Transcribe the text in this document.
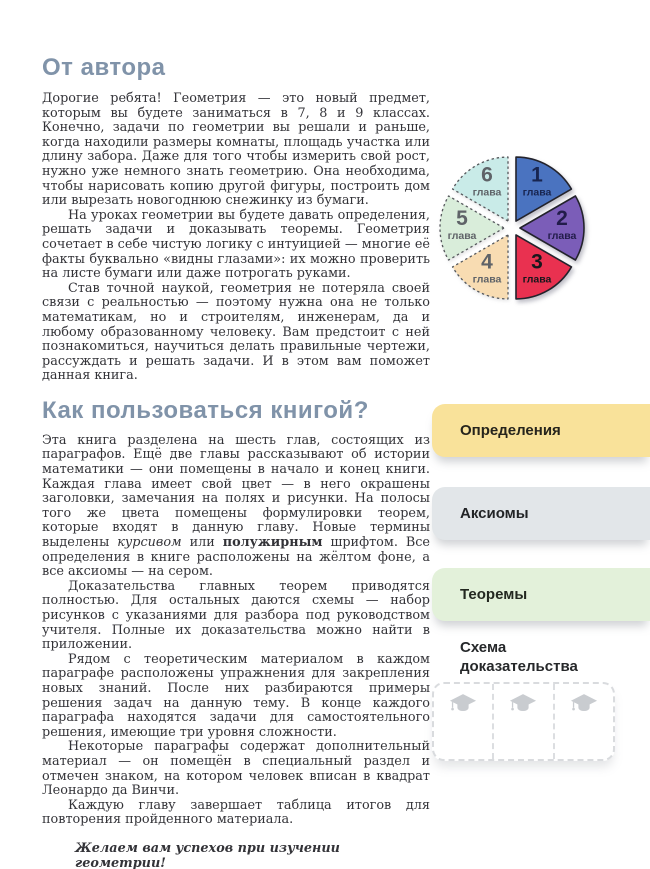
От автора

Дорогие ребята! Геометрия — это новый предмет, которым вы будете заниматься в 7, 8 и 9 классах. Конечно, задачи по геометрии вы решали и раньше, когда находили размеры комнаты, площадь участка или длину забора. Даже для того чтобы измерить свой рост, нужно уже немного знать геометрию. Она необходима, чтобы нарисовать копию другой фигуры, построить дом или вырезать новогоднюю снежинку из бумаги.

На уроках геометрии вы будете давать определения, решать задачи и доказывать теоремы. Геометрия сочетает в себе чистую логику с интуицией — многие её факты буквально «видны глазами»: их можно проверить на листе бумаги или даже потрогать руками.

Став точной наукой, геометрия не потеряла своей связи с реальностью — поэтому нужна она не только математикам, но и строителям, инженерам, да и любому образованному человеку. Вам предстоит с ней познакомиться, научиться делать правильные чертежи, рассуждать и решать задачи. И в этом вам поможет данная книга.

Как пользоваться книгой?

Эта книга разделена на шесть глав, состоящих из параграфов. Ещё две главы рассказывают об истории математики — они помещены в начало и конец книги. Каждая глава имеет свой цвет — в него окрашены заголовки, замечания на полях и рисунки. На полосы того же цвета помещены формулировки теорем, которые входят в данную главу. Новые термины выделены курсивом или полужирным шрифтом. Все определения в книге расположены на жёлтом фоне, а все аксиомы — на сером.

Доказательства главных теорем приводятся полностью. Для остальных даются схемы — набор рисунков с указаниями для разбора под руководством учителя. Полные их доказательства можно найти в приложении.

Рядом с теоретическим материалом в каждом параграфе расположены упражнения для закрепления новых знаний. После них разбираются примеры решения задач на данную тему. В конце каждого параграфа находятся задачи для самостоятельного решения, имеющие три уровня сложности.

Некоторые параграфы содержат дополнительный материал — он помещён в специальный раздел и отмечен знаком, на котором человек вписан в квадрат Леонардо да Винчи.

Каждую главу завершает таблица итогов для повторения пройденного материала.

Желаем вам успехов при изучении геометрии!

1
глава
2
глава
3
глава
4
глава
5
глава
6
глава
Определения
Аксиомы
Теоремы
Схема доказательства
